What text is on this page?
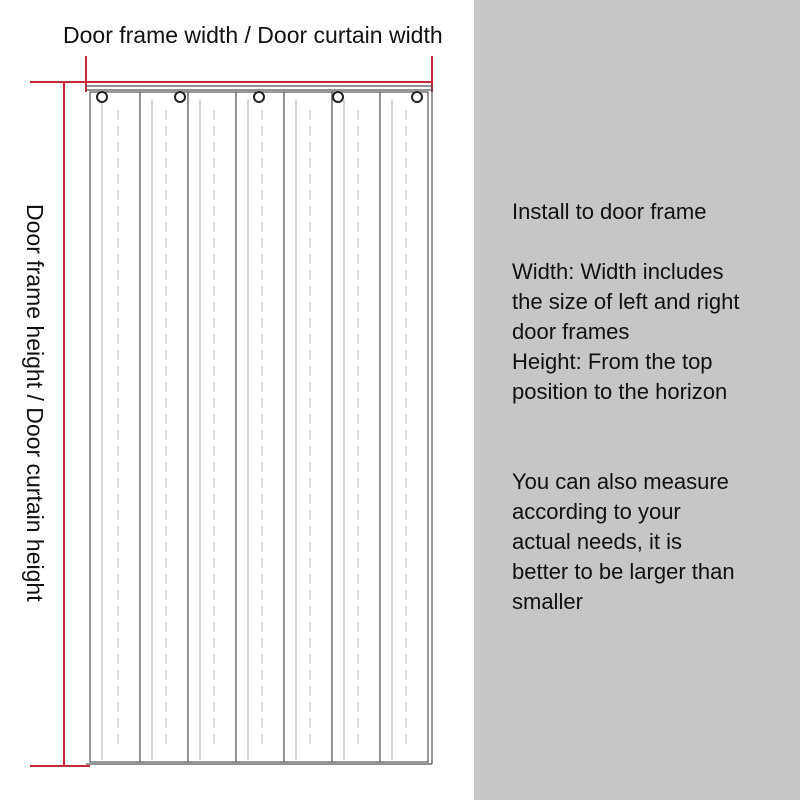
Door frame width / Door curtain width
Door frame height / Door curtain height	Install to door frame

Width: Width includes

the size of left and right

door frames

Height: From the top

position to the horizon

You can also measure

according to your

actual needs, it is

better to be larger than

smaller
